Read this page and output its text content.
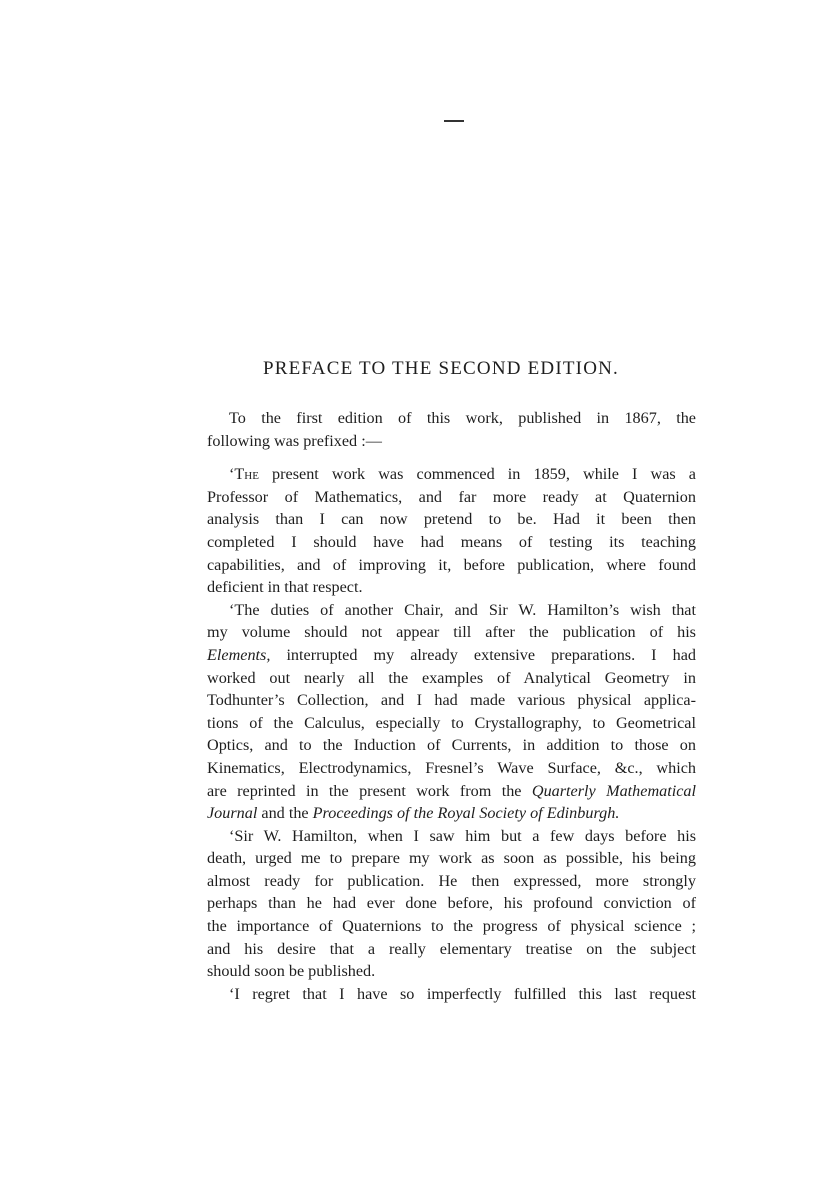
PREFACE TO THE SECOND EDITION.
To the first edition of this work, published in 1867, the
following was prefixed :—
‘The present work was commenced in 1859, while I was a
Professor of Mathematics, and far more ready at Quaternion
analysis than I can now pretend to be. Had it been then
completed I should have had means of testing its teaching
capabilities, and of improving it, before publication, where found
deficient in that respect.
‘The duties of another Chair, and Sir W. Hamilton’s wish that
my volume should not appear till after the publication of his
Elements, interrupted my already extensive preparations. I had
worked out nearly all the examples of Analytical Geometry in
Todhunter’s Collection, and I had made various physical applica-
tions of the Calculus, especially to Crystallography, to Geometrical
Optics, and to the Induction of Currents, in addition to those on
Kinematics, Electrodynamics, Fresnel’s Wave Surface, &c., which
are reprinted in the present work from the Quarterly Mathematical
Journal and the Proceedings of the Royal Society of Edinburgh.
‘Sir W. Hamilton, when I saw him but a few days before his
death, urged me to prepare my work as soon as possible, his being
almost ready for publication. He then expressed, more strongly
perhaps than he had ever done before, his profound conviction of
the importance of Quaternions to the progress of physical science ;
and his desire that a really elementary treatise on the subject
should soon be published.
‘I regret that I have so imperfectly fulfilled this last request
